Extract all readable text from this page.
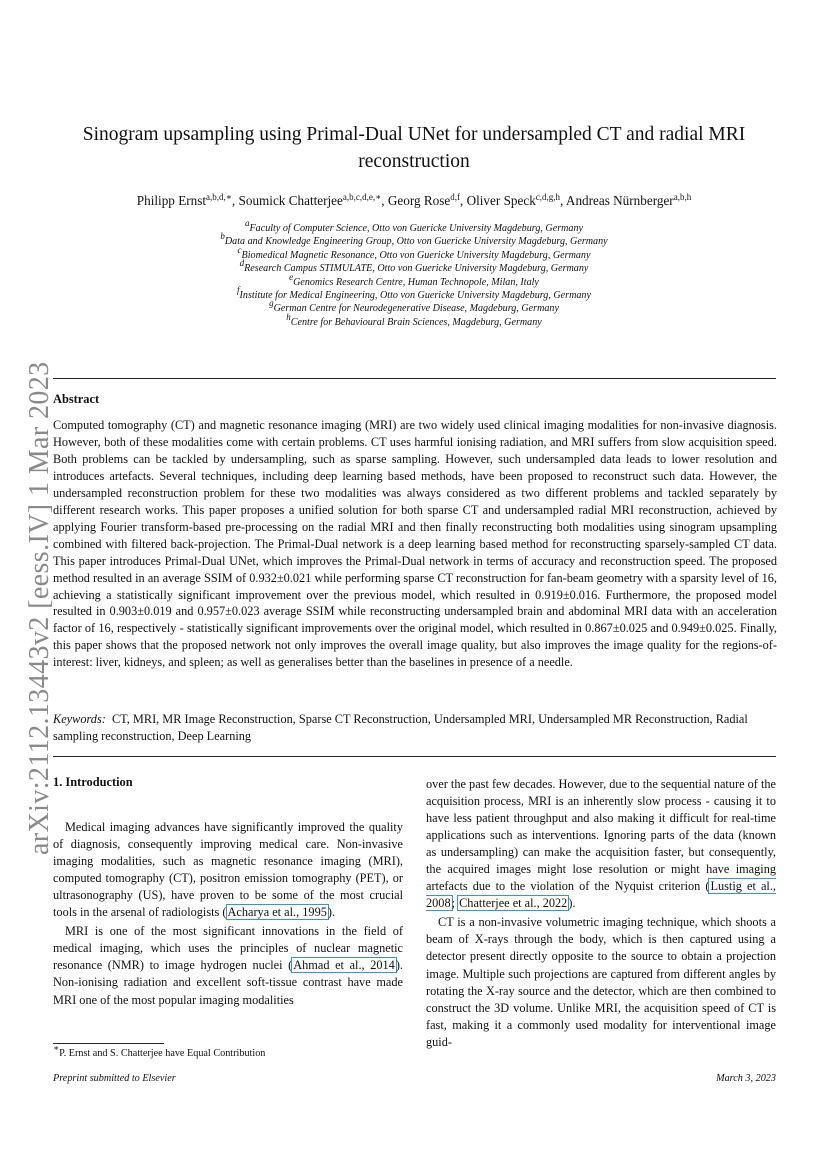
arXiv:2112.13443v2 [eess.IV] 1 Mar 2023
Sinogram upsampling using Primal-Dual UNet for undersampled CT and radial MRI reconstruction
Philipp Ernst$^{a,b,d,∗}$, Soumick Chatterjee$^{a,b,c,d,e,∗}$, Georg Rose$^{d,f}$, Oliver Speck$^{c,d,g,h}$, Andreas Nürnberger$^{a,b,h}$
$^a$Faculty of Computer Science, Otto von Guericke University Magdeburg, Germany
$^b$Data and Knowledge Engineering Group, Otto von Guericke University Magdeburg, Germany
$^c$Biomedical Magnetic Resonance, Otto von Guericke University Magdeburg, Germany
$^d$Research Campus STIMULATE, Otto von Guericke University Magdeburg, Germany
$^e$Genomics Research Centre, Human Technopole, Milan, Italy
$^f$Institute for Medical Engineering, Otto von Guericke University Magdeburg, Germany
$^g$German Centre for Neurodegenerative Disease, Magdeburg, Germany
$^h$Centre for Behavioural Brain Sciences, Magdeburg, Germany
Abstract
Computed tomography (CT) and magnetic resonance imaging (MRI) are two widely used clinical imaging modalities for non-invasive diagnosis. However, both of these modalities come with certain problems. CT uses harmful ionising radiation, and MRI suffers from slow acquisition speed. Both problems can be tackled by undersampling, such as sparse sampling. However, such undersampled data leads to lower resolution and introduces artefacts. Several techniques, including deep learning based methods, have been proposed to reconstruct such data. However, the undersampled reconstruction problem for these two modalities was always considered as two different problems and tackled separately by different research works. This paper proposes a unified solution for both sparse CT and undersampled radial MRI reconstruction, achieved by applying Fourier transform-based pre-processing on the radial MRI and then finally reconstructing both modalities using sinogram upsampling combined with filtered back-projection. The Primal-Dual network is a deep learning based method for reconstructing sparsely-sampled CT data. This paper introduces Primal-Dual UNet, which improves the Primal-Dual network in terms of accuracy and reconstruction speed. The proposed method resulted in an average SSIM of 0.932±0.021 while performing sparse CT reconstruction for fan-beam geometry with a sparsity level of 16, achieving a statistically significant improvement over the previous model, which resulted in 0.919±0.016. Furthermore, the proposed model resulted in 0.903±0.019 and 0.957±0.023 average SSIM while reconstructing undersampled brain and abdominal MRI data with an acceleration factor of 16, respectively - statistically significant improvements over the original model, which resulted in 0.867±0.025 and 0.949±0.025. Finally, this paper shows that the proposed network not only improves the overall image quality, but also improves the image quality for the regions-of-interest: liver, kidneys, and spleen; as well as generalises better than the baselines in presence of a needle.
Keywords: CT, MRI, MR Image Reconstruction, Sparse CT Reconstruction, Undersampled MRI, Undersampled MR Reconstruction, Radial sampling reconstruction, Deep Learning
1. Introduction

Medical imaging advances have significantly improved the quality of diagnosis, consequently improving medical care. Non-invasive imaging modalities, such as magnetic resonance imaging (MRI), computed tomography (CT), positron emission tomography (PET), or ultrasonography (US), have proven to be some of the most crucial tools in the arsenal of radiologists (Acharya et al., 1995).

MRI is one of the most significant innovations in the field of medical imaging, which uses the principles of nuclear magnetic resonance (NMR) to image hydrogen nuclei (Ahmad et al., 2014). Non-ionising radiation and excellent soft-tissue contrast have made MRI one of the most popular imaging modalities

over the past few decades. However, due to the sequential nature of the acquisition process, MRI is an inherently slow process - causing it to have less patient throughput and also making it difficult for real-time applications such as interventions. Ignoring parts of the data (known as undersampling) can make the acquisition faster, but consequently, the acquired images might lose resolution or might have imaging artefacts due to the violation of the Nyquist criterion (Lustig et al., 2008; Chatterjee et al., 2022).

CT is a non-invasive volumetric imaging technique, which shoots a beam of X-rays through the body, which is then captured using a detector present directly opposite to the source to obtain a projection image. Multiple such projections are captured from different angles by rotating the X-ray source and the detector, which are then combined to construct the 3D volume. Unlike MRI, the acquisition speed of CT is fast, making it a commonly used modality for interventional image guid-

∗P. Ernst and S. Chatterjee have Equal Contribution
Preprint submitted to Elsevier	March 3, 2023
